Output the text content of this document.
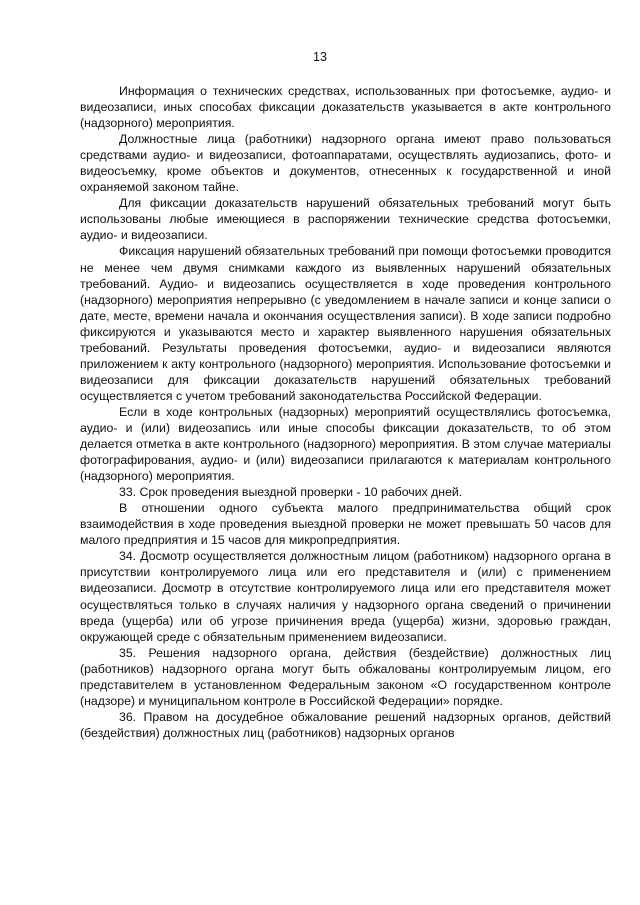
13

Информация о технических средствах, использованных при фотосъемке, аудио- и видеозаписи, иных способах фиксации доказательств указывается в акте контрольного (надзорного) мероприятия.

Должностные лица (работники) надзорного органа имеют право пользоваться средствами аудио- и видеозаписи, фотоаппаратами, осуществлять аудиозапись, фото- и видеосъемку, кроме объектов и документов, отнесенных к государственной и иной охраняемой законом тайне.

Для фиксации доказательств нарушений обязательных требований могут быть использованы любые имеющиеся в распоряжении технические средства фотосъемки, аудио- и видеозаписи.

Фиксация нарушений обязательных требований при помощи фотосъемки проводится не менее чем двумя снимками каждого из выявленных нарушений обязательных требований. Аудио- и видеозапись осуществляется в ходе проведения контрольного (надзорного) мероприятия непрерывно (с уведомлением в начале записи и конце записи о дате, месте, времени начала и окончания осуществления записи). В ходе записи подробно фиксируются и указываются место и характер выявленного нарушения обязательных требований. Результаты проведения фотосъемки, аудио- и видеозаписи являются приложением к акту контрольного (надзорного) мероприятия. Использование фотосъемки и видеозаписи для фиксации доказательств нарушений обязательных требований осуществляется с учетом требований законодательства Российской Федерации.

Если в ходе контрольных (надзорных) мероприятий осуществлялись фотосъемка, аудио- и (или) видеозапись или иные способы фиксации доказательств, то об этом делается отметка в акте контрольного (надзорного) мероприятия. В этом случае материалы фотографирования, аудио- и (или) видеозаписи прилагаются к материалам контрольного (надзорного) мероприятия.

33. Срок проведения выездной проверки - 10 рабочих дней.

В отношении одного субъекта малого предпринимательства общий срок взаимодействия в ходе проведения выездной проверки не может превышать 50 часов для малого предприятия и 15 часов для микропредприятия.

34. Досмотр осуществляется должностным лицом (работником) надзорного органа в присутствии контролируемого лица или его представителя и (или) с применением видеозаписи. Досмотр в отсутствие контролируемого лица или его представителя может осуществляться только в случаях наличия у надзорного органа сведений о причинении вреда (ущерба) или об угрозе причинения вреда (ущерба) жизни, здоровью граждан, окружающей среде с обязательным применением видеозаписи.

35. Решения надзорного органа, действия (бездействие) должностных лиц (работников) надзорного органа могут быть обжалованы контролируемым лицом, его представителем в установленном Федеральным законом «О государственном контроле (надзоре) и муниципальном контроле в Российской Федерации» порядке.

36. Правом на досудебное обжалование решений надзорных органов, действий (бездействия) должностных лиц (работников) надзорных органов
